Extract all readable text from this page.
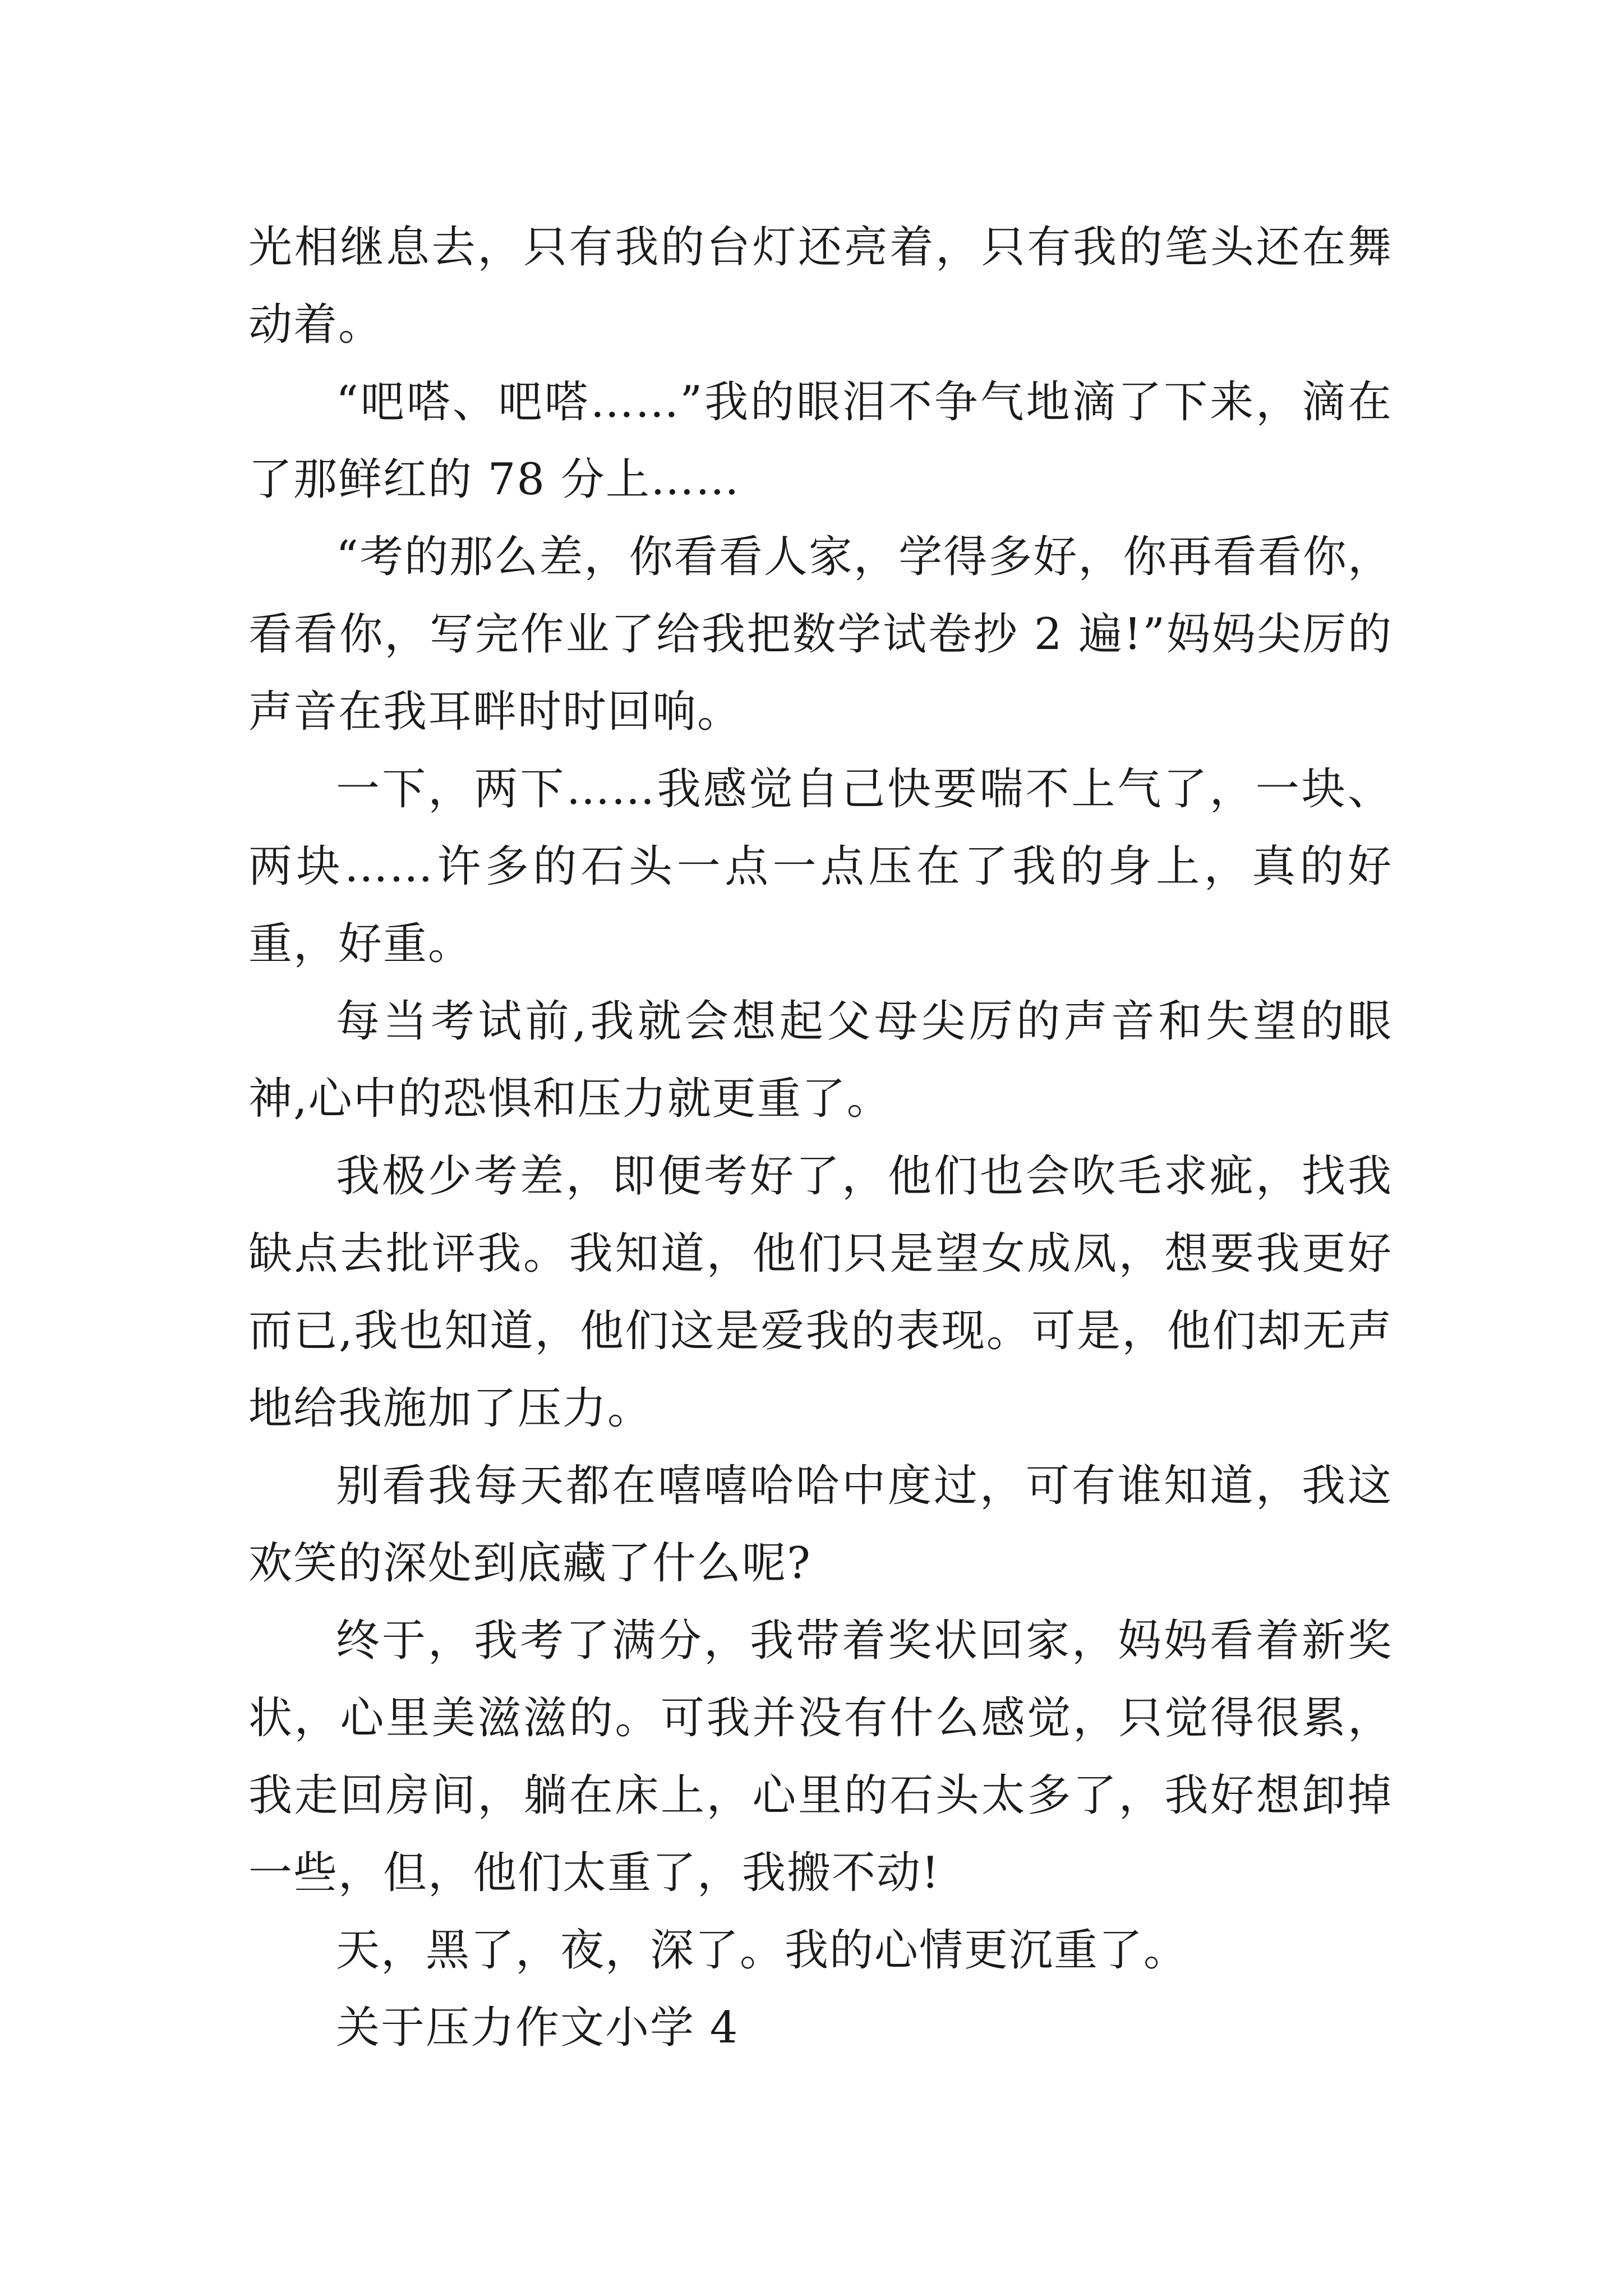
光相继息去，只有我的台灯还亮着，只有我的笔头还在舞动着。

“吧嗒、吧嗒……”我的眼泪不争气地滴了下来，滴在了那鲜红的 78 分上……

“考的那么差，你看看人家，学得多好，你再看看你，看看你，写完作业了给我把数学试卷抄 2 遍!”妈妈尖厉的声音在我耳畔时时回响。

一下，两下……我感觉自己快要喘不上气了，一块、两块……许多的石头一点一点压在了我的身上，真的好重，好重。

每当考试前,我就会想起父母尖厉的声音和失望的眼神,心中的恐惧和压力就更重了。

我极少考差，即便考好了，他们也会吹毛求疵，找我缺点去批评我。我知道，他们只是望女成凤，想要我更好而已,我也知道，他们这是爱我的表现。可是，他们却无声地给我施加了压力。

别看我每天都在嘻嘻哈哈中度过，可有谁知道，我这欢笑的深处到底藏了什么呢?

终于，我考了满分，我带着奖状回家，妈妈看着新奖状，心里美滋滋的。可我并没有什么感觉，只觉得很累，我走回房间，躺在床上，心里的石头太多了，我好想卸掉一些，但，他们太重了，我搬不动!

天，黑了，夜，深了。我的心情更沉重了。

关于压力作文小学 4
